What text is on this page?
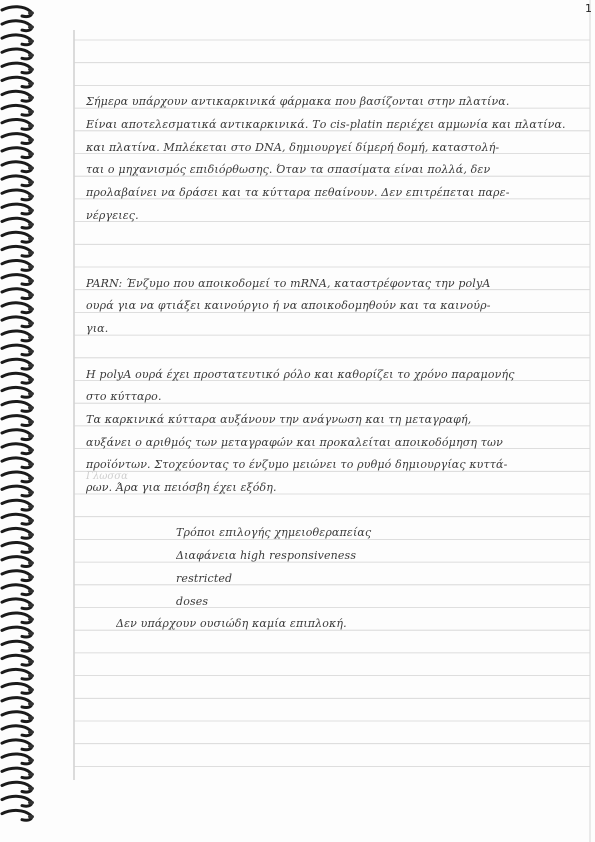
1
Γλωσσα
Σήμερα υπάρχουν αντικαρκινικά φάρμακα που βασίζονται στην πλατίνα.
Είναι αποτελεσματικά αντικαρκινικά. Το cis-platin περιέχει αμμωνία και πλατίνα.
και πλατίνα. Μπλέκεται στο DNA, δημιουργεί δίμερή δομή, καταστολή-
ται ο μηχανισμός επιδιόρθωσης. Όταν τα σπασίματα είναι πολλά, δεν
προλαβαίνει να δράσει και τα κύτταρα πεθαίνουν. Δεν επιτρέπεται παρε-
νέργειες.
PARN: Ένζυμο που αποικοδομεί το mRNA, καταστρέφοντας την polyA
ουρά για να φτιάξει καινούργιο ή να αποικοδομηθούν και τα καινούρ-
για.
Η polyA ουρά έχει προστατευτικό ρόλο και καθορίζει το χρόνο παραμονής
στο κύτταρο.
Τα καρκινικά κύτταρα αυξάνουν την ανάγνωση και τη μεταγραφή,
αυξάνει ο αριθμός των μεταγραφών και προκαλείται αποικοδόμηση των
προϊόντων. Στοχεύοντας το ένζυμο μειώνει το ρυθμό δημιουργίας κυττά-
ρων. Άρα για πειόσβη έχει εξόδη.
Τρόποι επιλογής χημειοθεραπείας
Διαφάνεια high responsiveness
restricted
doses
Δεν υπάρχουν ουσιώδη καμία επιπλοκή.
